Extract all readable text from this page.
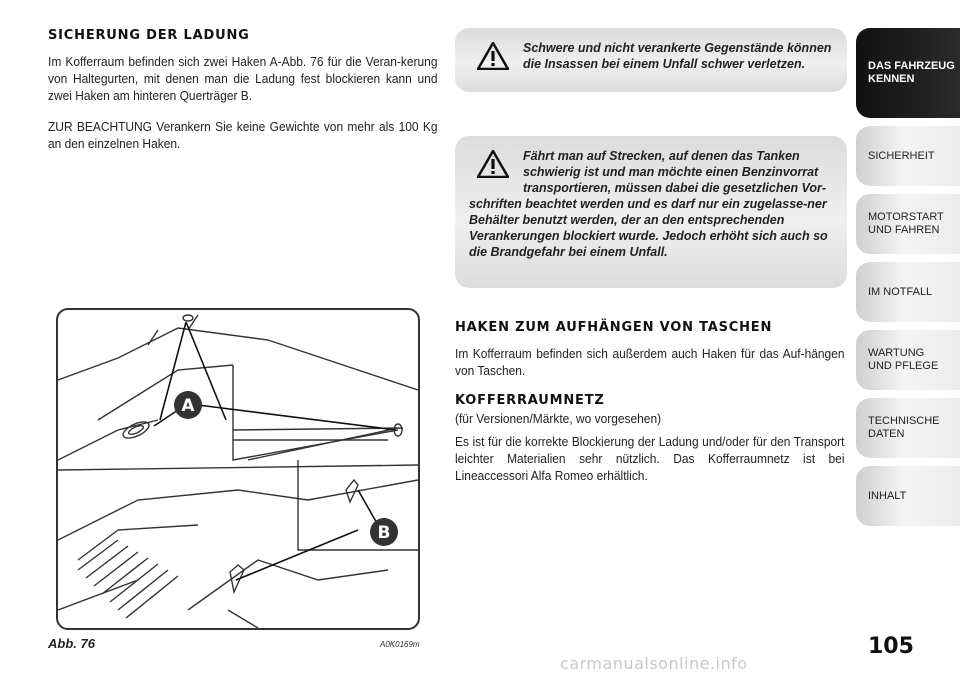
SICHERUNG DER LADUNG

Im Kofferraum befinden sich zwei Haken A-Abb. 76 für die Veran-kerung von Haltegurten, mit denen man die Ladung fest blockieren kann und zwei Haken am hinteren Querträger B.

ZUR BEACHTUNG Verankern Sie keine Gewichte von mehr als 100 Kg an den einzelnen Haken.

Schwere und nicht verankerte Gegenstände können die Insassen bei einem Unfall schwer verletzen.
Fährt man auf Strecken, auf denen das Tanken schwierig ist und man möchte einen Benzinvorrat transportieren, müssen dabei die gesetzlichen Vor-
schriften beachtet werden und es darf nur ein zugelasse-ner Behälter benutzt werden, der an den entsprechenden Verankerungen blockiert wurde. Jedoch erhöht sich auch so die Brandgefahr bei einem Unfall.
HAKEN ZUM AUFHÄNGEN VON TASCHEN

Im Kofferraum befinden sich außerdem auch Haken für das Auf-hängen von Taschen.

KOFFERRAUMNETZ

(für Versionen/Märkte, wo vorgesehen)

Es ist für die korrekte Blockierung der Ladung und/oder für den Transport leichter Materialien sehr nützlich. Das Kofferraumnetz ist bei Lineaccessori Alfa Romeo erhältlich.

A
B
Abb. 76	A0K0169m
DAS FAHRZEUG
KENNEN
SICHERHEIT
MOTORSTART
UND FAHREN
IM NOTFALL
WARTUNG
UND PFLEGE
TECHNISCHE
DATEN
INHALT
105
carmanualsonline.info
